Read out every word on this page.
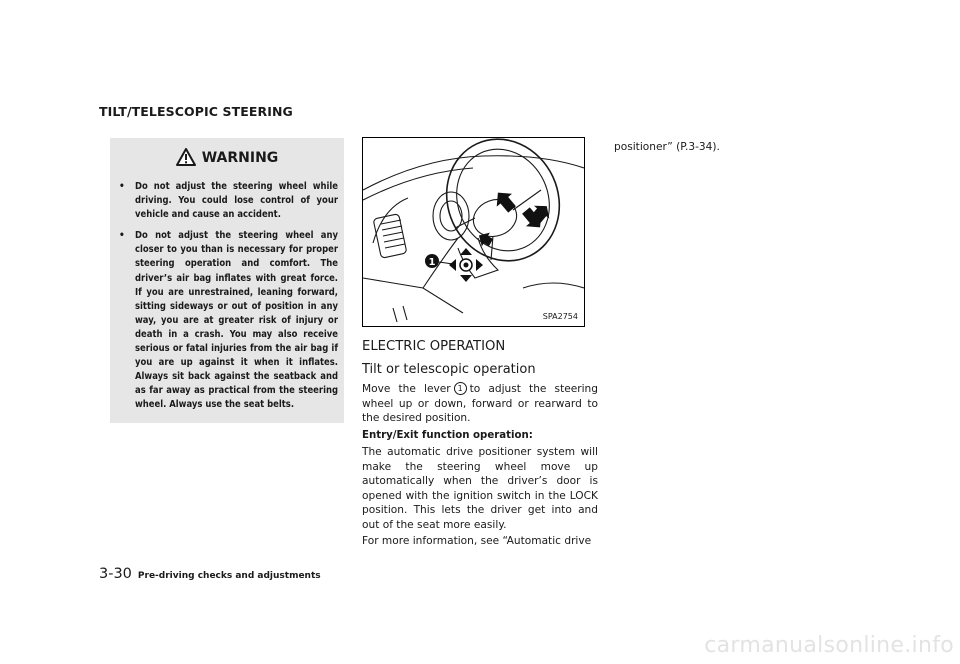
TILT/TELESCOPIC STEERING
WARNING
• Do not adjust the steering wheel while driving. You could lose control of your vehicle and cause an accident.
• Do not adjust the steering wheel any closer to you than is necessary for proper steering operation and comfort. The driver’s air bag inflates with great force. If you are unrestrained, leaning forward, sitting sideways or out of position in any way, you are at greater risk of injury or death in a crash. You may also receive serious or fatal injuries from the air bag if you are up against it when it inflates. Always sit back against the seatback and as far away as practical from the steering wheel. Always use the seat belts.
1
SPA2754
ELECTRIC OPERATION
Tilt or telescopic operation
Move the lever 1 to adjust the steering wheel up or down, forward or rearward to the desired position.
Entry/Exit function operation:
The automatic drive positioner system will make the steering wheel move up automatically when the driver’s door is opened with the ignition switch in the LOCK position. This lets the driver get into and out of the seat more easily.
For more information, see “Automatic drive
positioner” (P.3-34).
3-30 Pre-driving checks and adjustments
carmanualsonline.info
